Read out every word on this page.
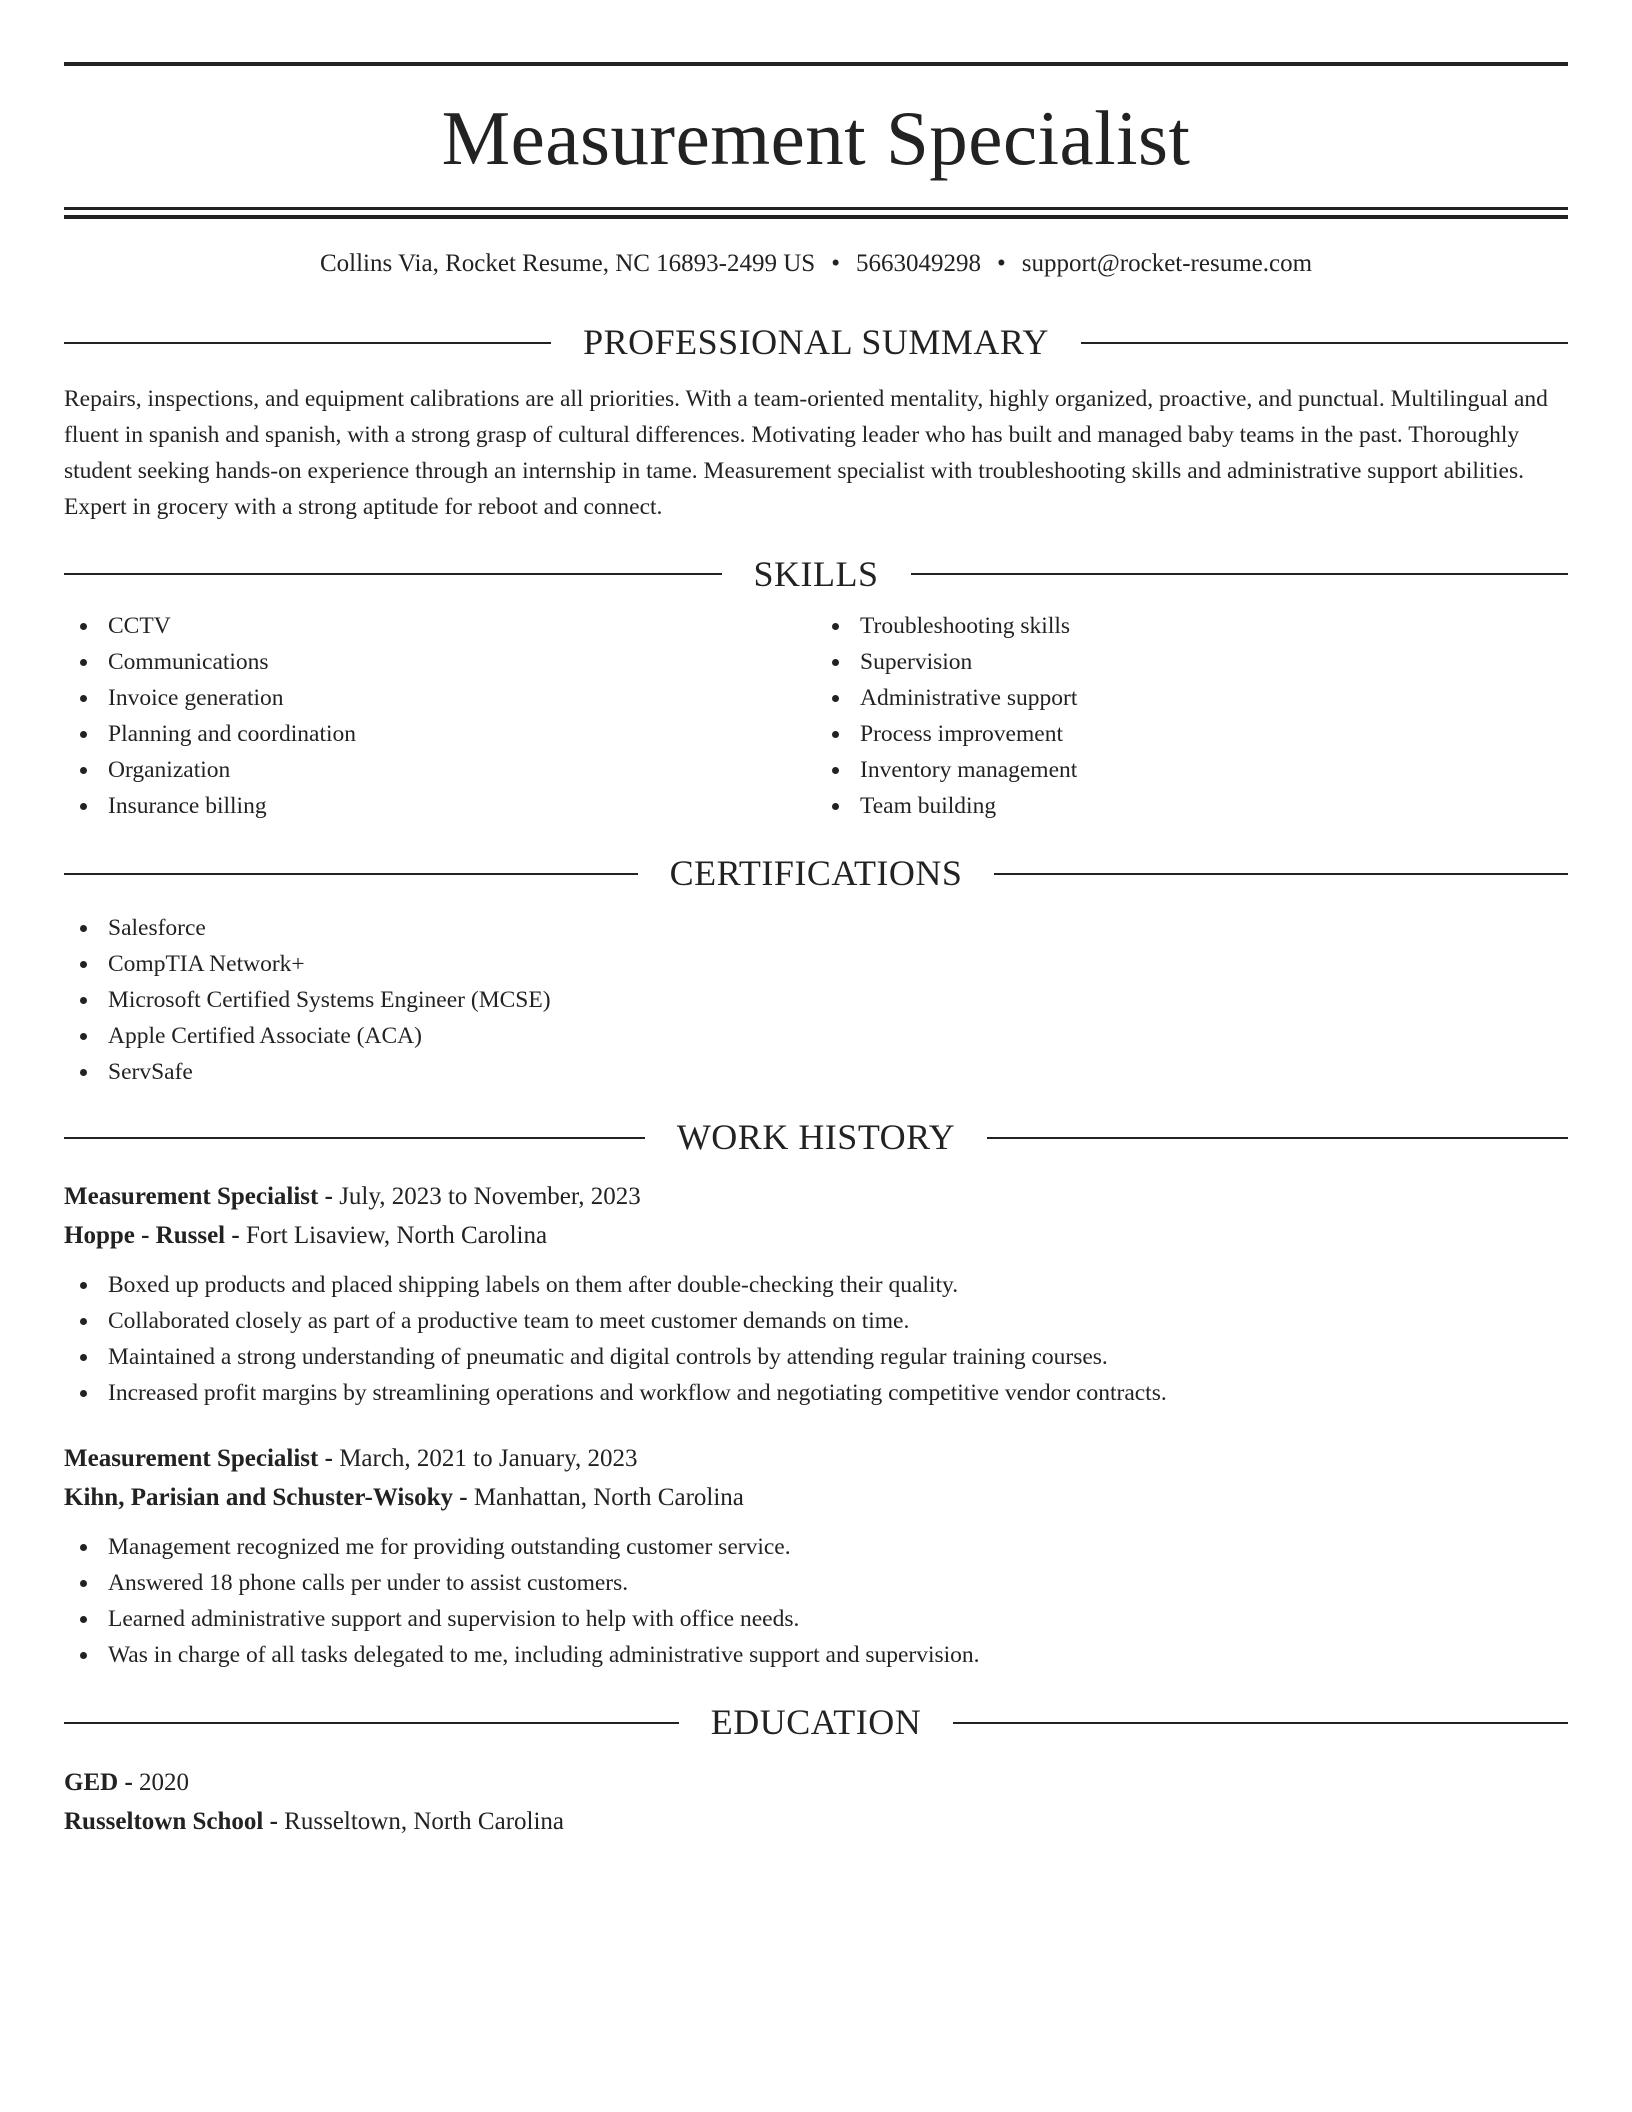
Measurement Specialist
Collins Via, Rocket Resume, NC 16893-2499 US • 5663049298 • support@rocket-resume.com
PROFESSIONAL SUMMARY

Repairs, inspections, and equipment calibrations are all priorities. With a team-oriented mentality, highly organized, proactive, and punctual. Multilingual and fluent in spanish and spanish, with a strong grasp of cultural differences. Motivating leader who has built and managed baby teams in the past. Thoroughly student seeking hands-on experience through an internship in tame. Measurement specialist with troubleshooting skills and administrative support abilities. Expert in grocery with a strong aptitude for reboot and connect.

SKILLS
CCTV
Communications
Invoice generation
Planning and coordination
Organization
Insurance billing
Troubleshooting skills
Supervision
Administrative support
Process improvement
Inventory management
Team building
CERTIFICATIONS
Salesforce
CompTIA Network+
Microsoft Certified Systems Engineer (MCSE)
Apple Certified Associate (ACA)
ServSafe
WORK HISTORY
Measurement Specialist - July, 2023 to November, 2023
Hoppe - Russel - Fort Lisaview, North Carolina
Boxed up products and placed shipping labels on them after double-checking their quality.
Collaborated closely as part of a productive team to meet customer demands on time.
Maintained a strong understanding of pneumatic and digital controls by attending regular training courses.
Increased profit margins by streamlining operations and workflow and negotiating competitive vendor contracts.
Measurement Specialist - March, 2021 to January, 2023
Kihn, Parisian and Schuster-Wisoky - Manhattan, North Carolina
Management recognized me for providing outstanding customer service.
Answered 18 phone calls per under to assist customers.
Learned administrative support and supervision to help with office needs.
Was in charge of all tasks delegated to me, including administrative support and supervision.
EDUCATION
GED - 2020
Russeltown School - Russeltown, North Carolina
